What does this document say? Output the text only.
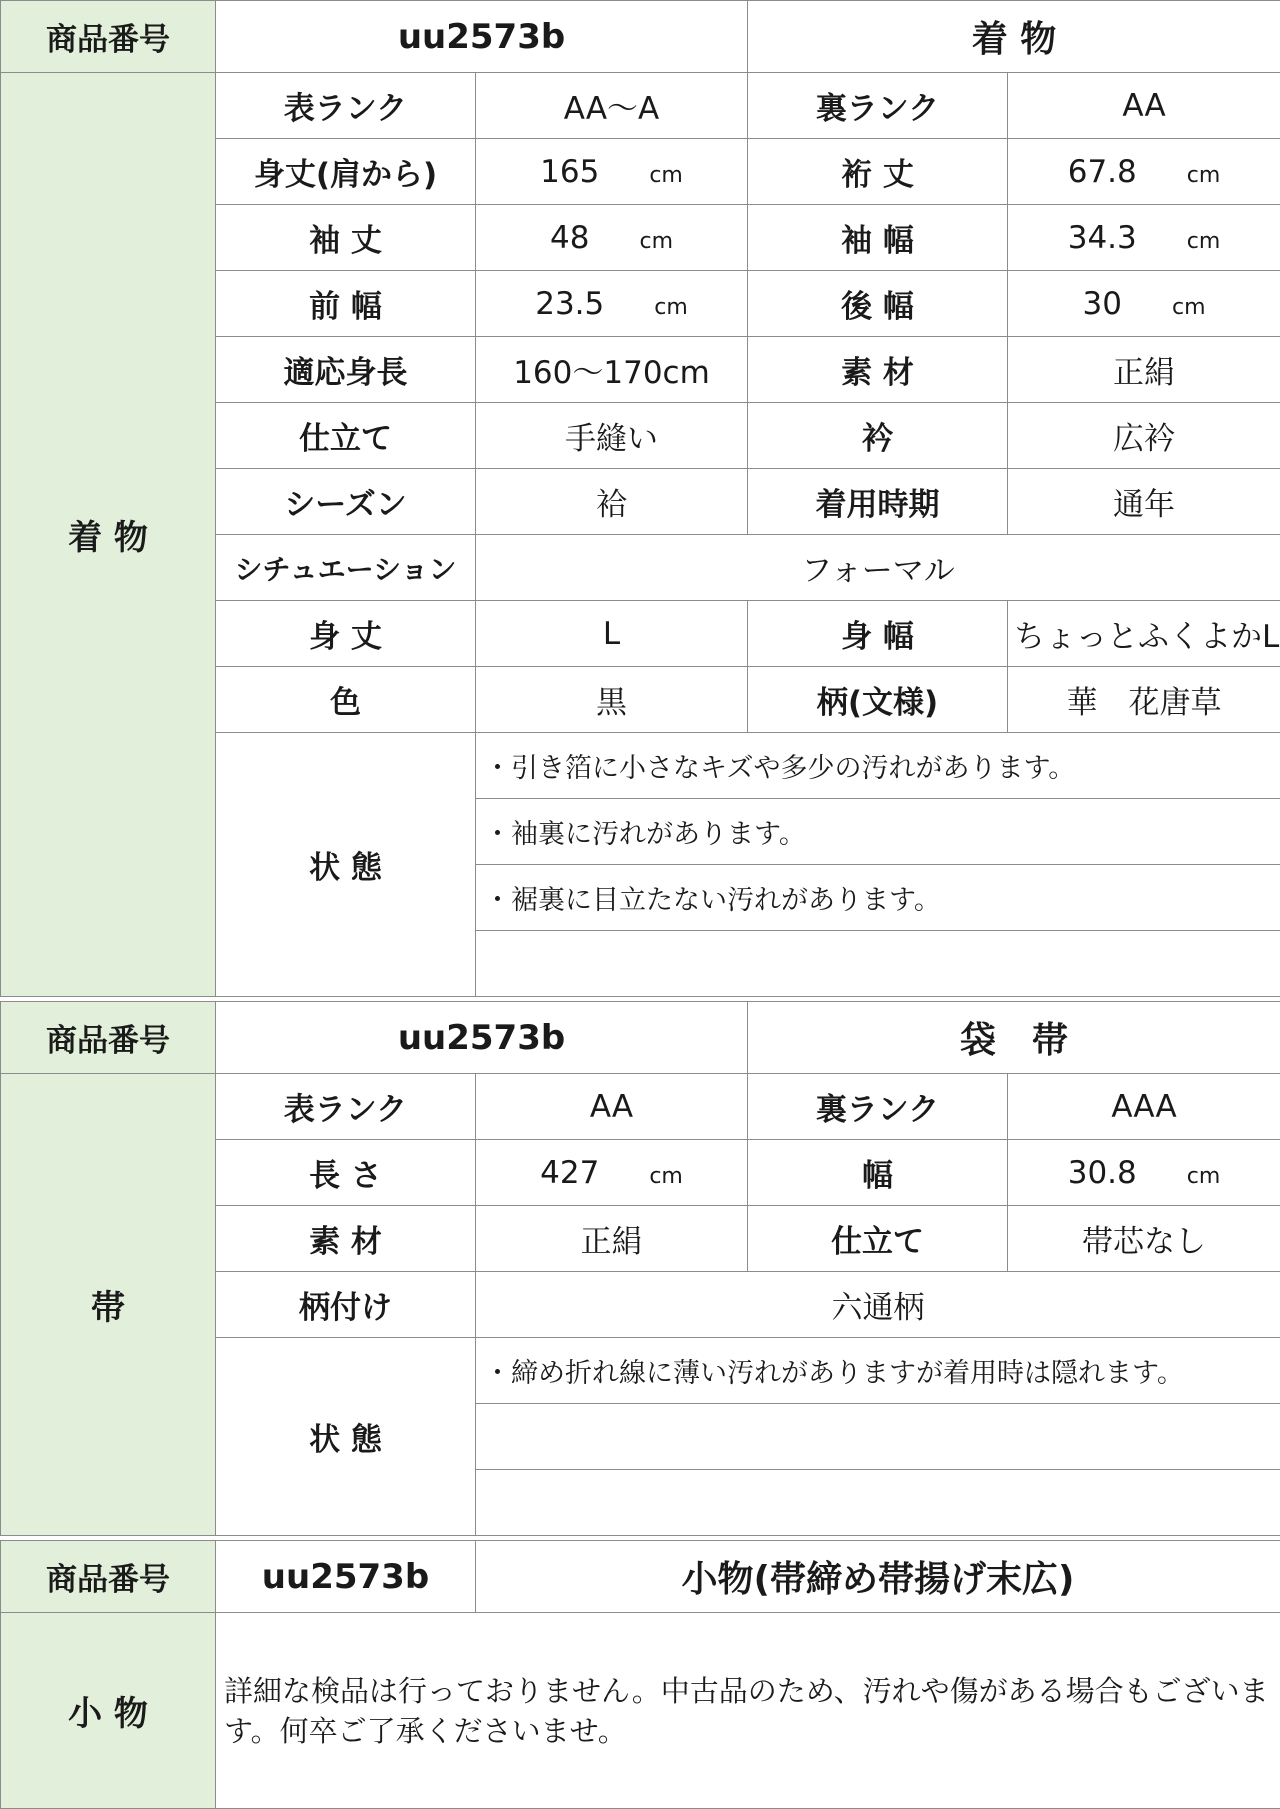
商品番号	uu2573b		着 物	
着 物	表ランク	AA～A	裏ランク	AA
	身丈(肩から)	165 cm	裄 丈	67.8 cm
	袖 丈	48 cm	袖 幅	34.3 cm
	前 幅	23.5 cm	後 幅	30 cm
	適応身長	160～170cm	素 材	正絹
	仕立て	手縫い	衿	広衿
	シーズン	袷	着用時期	通年
	シチュエーション	フォーマル		
	身 丈	L	身 幅	ちょっとふくよかL
	色	黒	柄(文様)	華　花唐草
	状 態	・引き箔に小さなキズや多少の汚れがあります。		
		・袖裏に汚れがあります。		
		・裾裏に目立たない汚れがあります。		

商品番号	uu2573b		袋　帯	
帯	表ランク	AA	裏ランク	AAA
	長 さ	427 cm	幅	30.8 cm
	素 材	正絹	仕立て	帯芯なし
	柄付け	六通柄		
	状 態	・締め折れ線に薄い汚れがありますが着用時は隠れます。		

商品番号	uu2573b	小物(帯締め帯揚げ末広)
小 物	詳細な検品は行っておりません。中古品のため、汚れや傷がある場合もございます。何卒ご了承くださいませ。	
